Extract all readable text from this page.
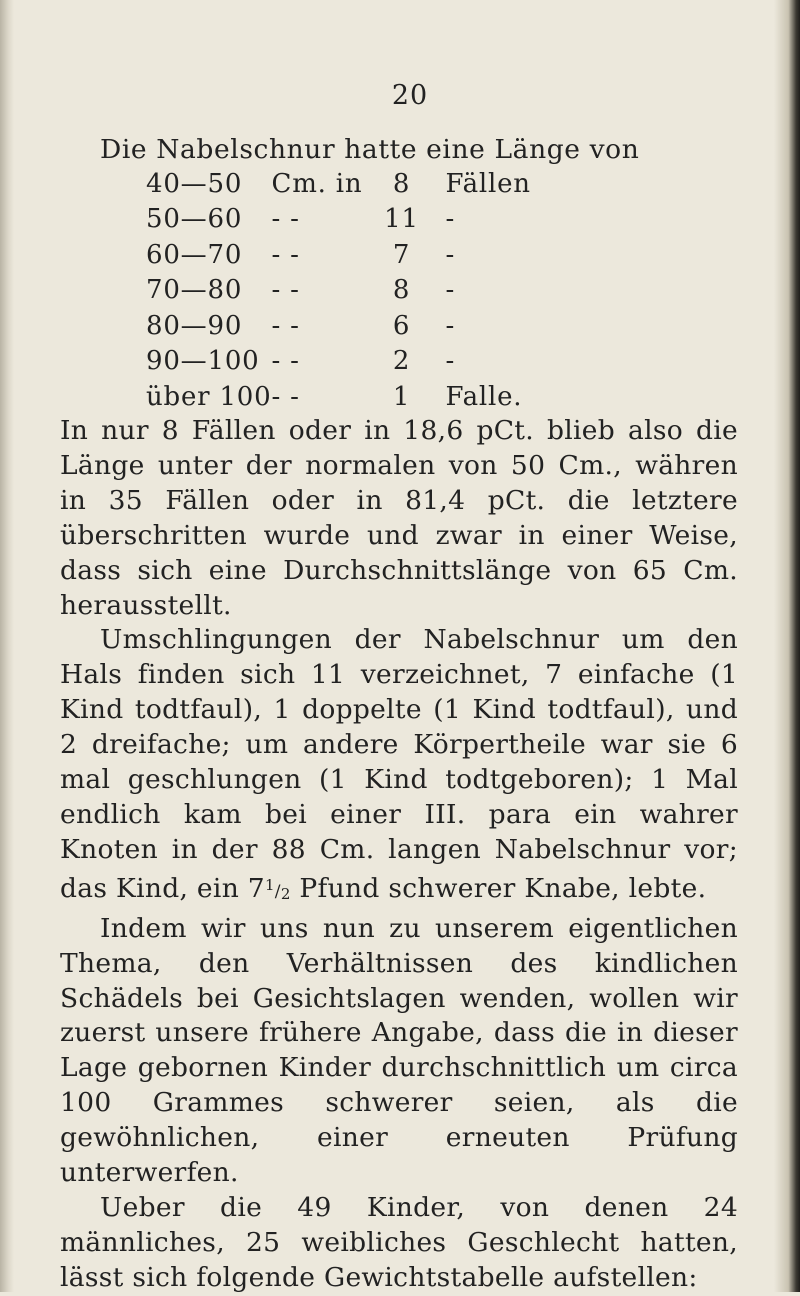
20
Die Nabelschnur hatte eine Länge von
40—50	Cm. in	8	Fällen
50—60	- -	11	-
60—70	- -	7	-
70—80	- -	8	-
80—90	- -	6	-
90—100	- -	2	-
über 100	- -	1	Falle.

In nur 8 Fällen oder in 18,6 pCt. blieb also die Länge unter der normalen von 50 Cm., währen in 35 Fällen oder in 81,4 pCt. die letztere überschritten wurde und zwar in einer Weise, dass sich eine Durchschnittslänge von 65 Cm. herausstellt.

Umschlingungen der Nabelschnur um den Hals finden sich 11 verzeichnet, 7 einfache (1 Kind todtfaul), 1 doppelte (1 Kind todtfaul), und 2 dreifache; um andere Körpertheile war sie 6 mal geschlungen (1 Kind todtgeboren); 1 Mal endlich kam bei einer III. para ein wahrer Knoten in der 88 Cm. langen Nabelschnur vor; das Kind, ein $7^1/_2$ Pfund schwerer Knabe, lebte.

Indem wir uns nun zu unserem eigentlichen Thema, den Verhältnissen des kindlichen Schädels bei Gesichtslagen wenden, wollen wir zuerst unsere frühere Angabe, dass die in dieser Lage gebornen Kinder durchschnittlich um circa 100 Grammes schwerer seien, als die gewöhnlichen, einer erneuten Prüfung unterwerfen.

Ueber die 49 Kinder, von denen 24 männliches, 25 weibliches Geschlecht hatten, lässt sich folgende Gewichtstabelle aufstellen:
